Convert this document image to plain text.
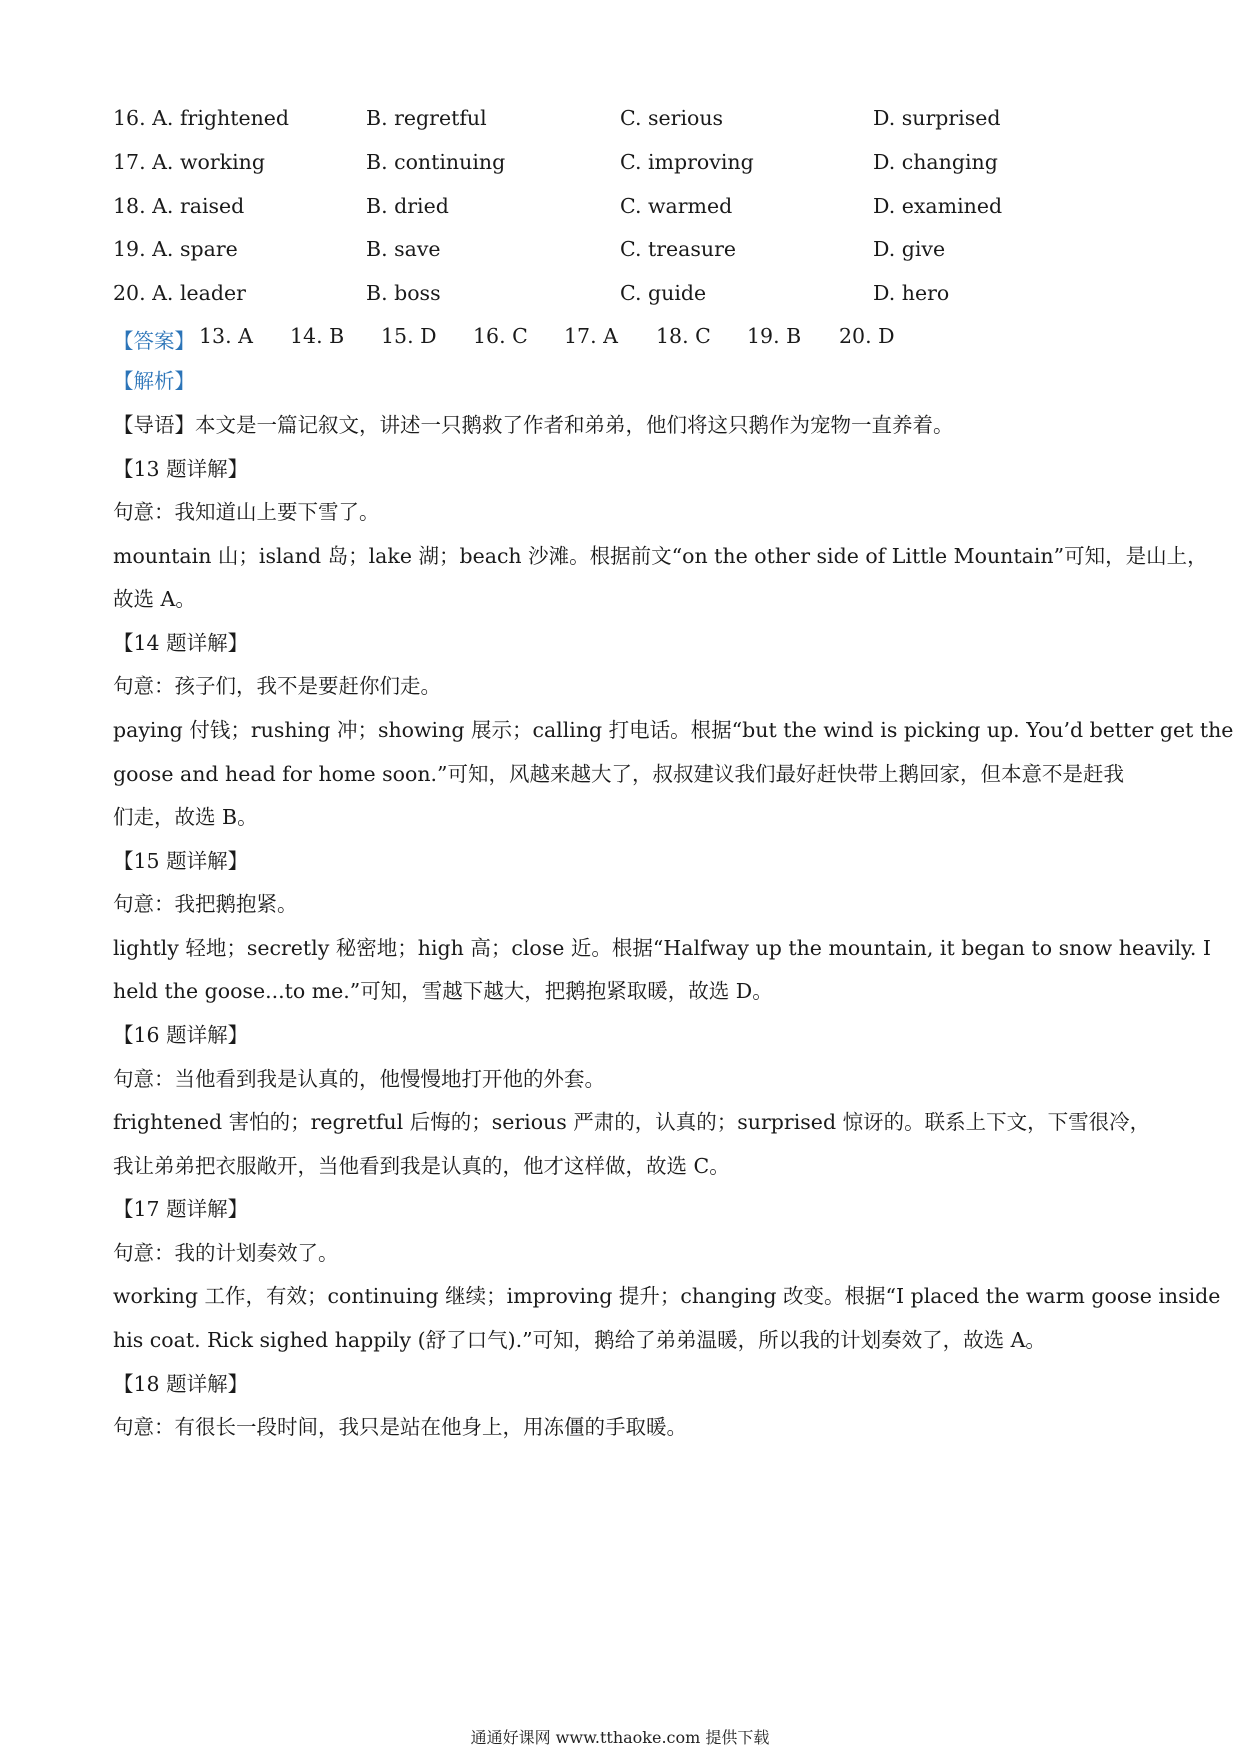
16. A. frightened	B. regretful	C. serious	D. surprised
17. A. working	B. continuing	C. improving	D. changing
18. A. raised	B. dried	C. warmed	D. examined
19. A. spare	B. save	C. treasure	D. give
20. A. leader	B. boss	C. guide	D. hero
【答案】 13. A 14. B 15. D 16. C 17. A 18. C 19. B 20. D
【解析】
【导语】本文是一篇记叙文，讲述一只鹅救了作者和弟弟，他们将这只鹅作为宠物一直养着。
【13 题详解】
句意：我知道山上要下雪了。
mountain 山；island 岛；lake 湖；beach 沙滩。根据前文“on the other side of Little Mountain”可知，是山上，
故选 A。
【14 题详解】
句意：孩子们，我不是要赶你们走。
paying 付钱；rushing 冲；showing 展示；calling 打电话。根据“but the wind is picking up. You’d better get the
goose and head for home soon.”可知，风越来越大了，叔叔建议我们最好赶快带上鹅回家，但本意不是赶我
们走，故选 B。
【15 题详解】
句意：我把鹅抱紧。
lightly 轻地；secretly 秘密地；high 高；close 近。根据“Halfway up the mountain, it began to snow heavily. I
held the goose...to me.”可知，雪越下越大，把鹅抱紧取暖，故选 D。
【16 题详解】
句意：当他看到我是认真的，他慢慢地打开他的外套。
frightened 害怕的；regretful 后悔的；serious 严肃的，认真的；surprised 惊讶的。联系上下文，下雪很冷，
我让弟弟把衣服敞开，当他看到我是认真的，他才这样做，故选 C。
【17 题详解】
句意：我的计划奏效了。
working 工作，有效；continuing 继续；improving 提升；changing 改变。根据“I placed the warm goose inside
his coat. Rick sighed happily (舒了口气).”可知，鹅给了弟弟温暖，所以我的计划奏效了，故选 A。
【18 题详解】
句意：有很长一段时间，我只是站在他身上，用冻僵的手取暖。
通通好课网 www.tthaoke.com 提供下载
